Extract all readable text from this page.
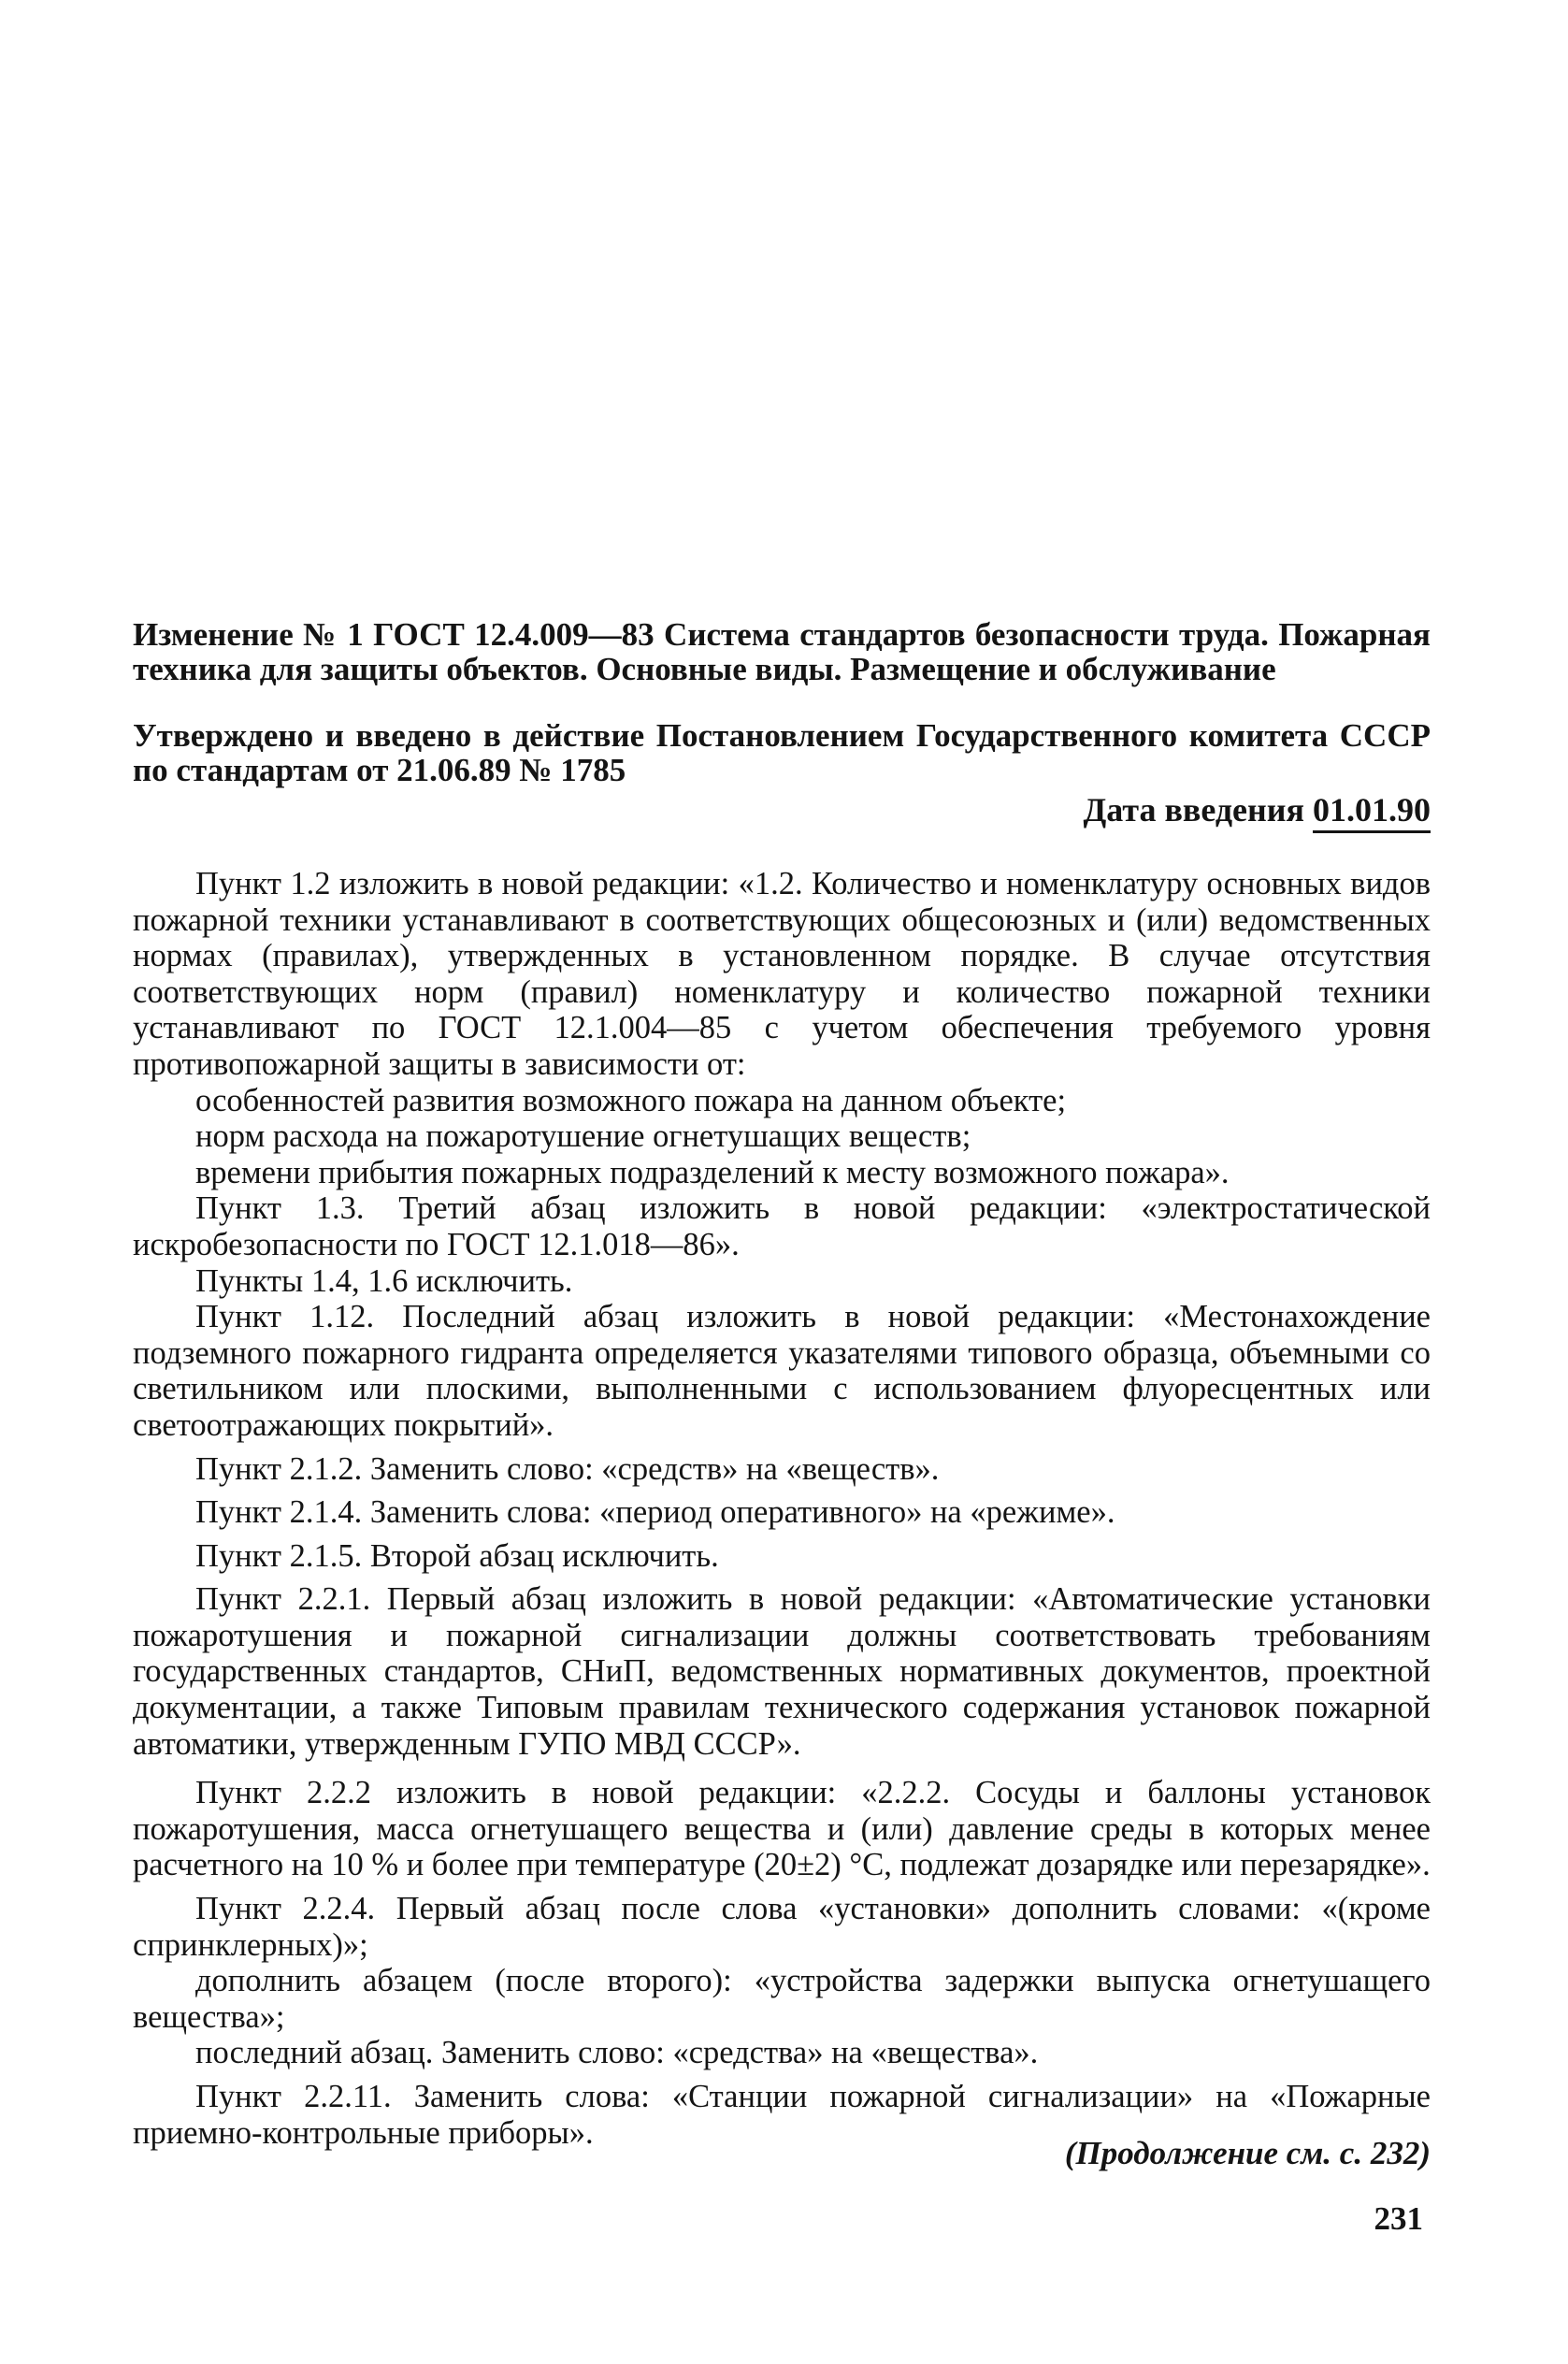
Изменение № 1 ГОСТ 12.4.009—83 Система стандартов безопасности труда. Пожарная техника для защиты объектов. Основные виды. Размещение и обслуживание

Утверждено и введено в действие Постановлением Государственного комитета СССР по стандартам от 21.06.89 № 1785

Дата введения 01.01.90

Пункт 1.2 изложить в новой редакции: «1.2. Количество и номенклатуру основных видов пожарной техники устанавливают в соответствующих общесоюзных и (или) ведомственных нормах (правилах), утвержденных в установленном порядке. В случае отсутствия соответствующих норм (правил) номенклатуру и количество пожарной техники устанавливают по ГОСТ 12.1.004—85 с учетом обеспечения требуемого уровня противопожарной защиты в зависимости от:

особенностей развития возможного пожара на данном объекте;

норм расхода на пожаротушение огнетушащих веществ;

времени прибытия пожарных подразделений к месту возможного пожара».

Пункт 1.3. Третий абзац изложить в новой редакции: «электростатической искробезопасности по ГОСТ 12.1.018—86».

Пункты 1.4, 1.6 исключить.

Пункт 1.12. Последний абзац изложить в новой редакции: «Местонахождение подземного пожарного гидранта определяется указателями типового образца, объемными со светильником или плоскими, выполненными с использованием флуоресцентных или светоотражающих покрытий».

Пункт 2.1.2. Заменить слово: «средств» на «веществ».

Пункт 2.1.4. Заменить слова: «период оперативного» на «режиме».

Пункт 2.1.5. Второй абзац исключить.

Пункт 2.2.1. Первый абзац изложить в новой редакции: «Автоматические установки пожаротушения и пожарной сигнализации должны соответствовать требованиям государственных стандартов, СНиП, ведомственных нормативных документов, проектной документации, а также Типовым правилам технического содержания установок пожарной автоматики, утвержденным ГУПО МВД СССР».

Пункт 2.2.2 изложить в новой редакции: «2.2.2. Сосуды и баллоны установок пожаротушения, масса огнетушащего вещества и (или) давление среды в которых менее расчетного на 10 % и более при температуре (20±2) °С, подлежат дозарядке или перезарядке».

Пункт 2.2.4. Первый абзац после слова «установки» дополнить словами: «(кроме спринклерных)»;

дополнить абзацем (после второго): «устройства задержки выпуска огнетушащего вещества»;

последний абзац. Заменить слово: «средства» на «вещества».

Пункт 2.2.11. Заменить слова: «Станции пожарной сигнализации» на «Пожарные приемно-контрольные приборы».

(Продолжение см. с. 232)
231
